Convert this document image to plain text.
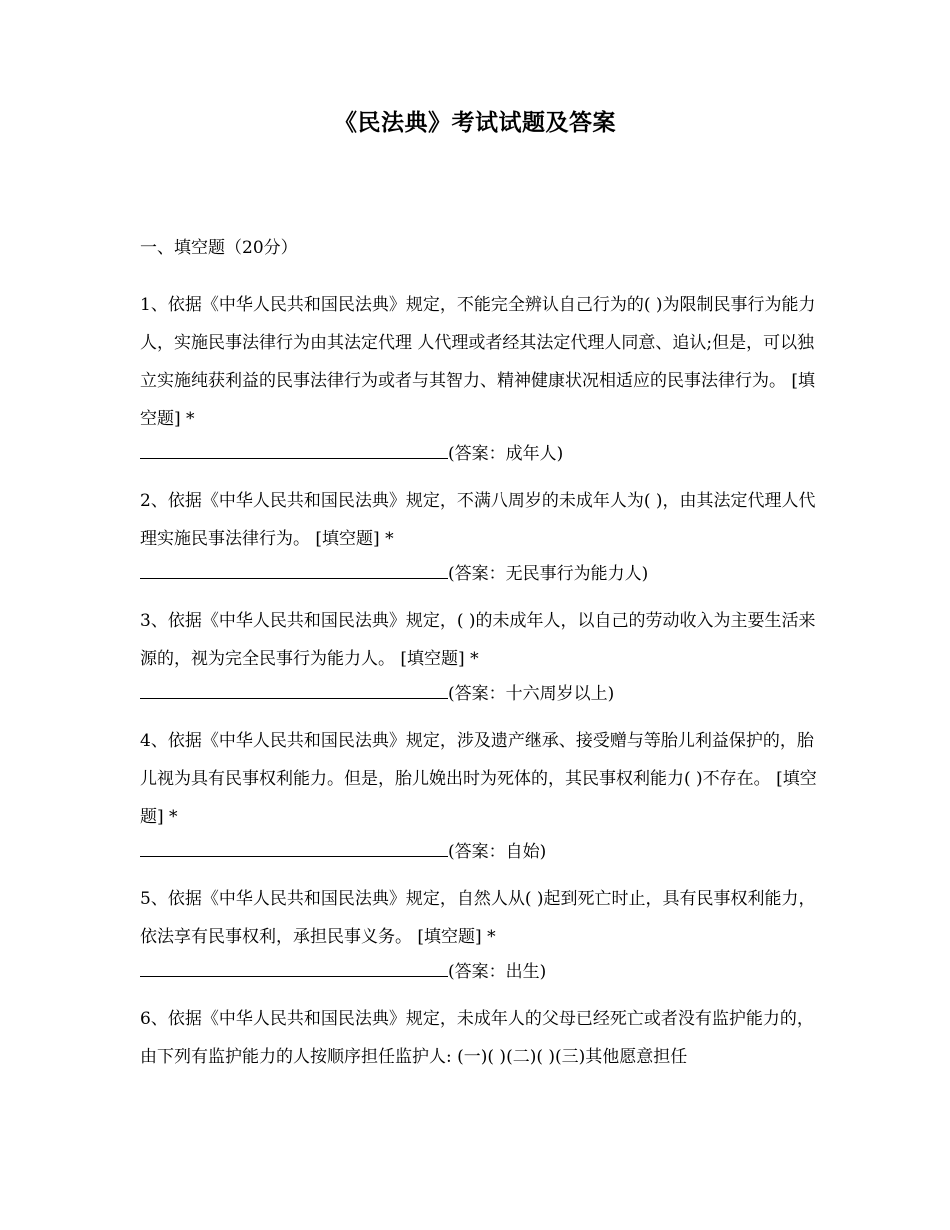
《民法典》考试试题及答案
一、填空题（20分）

1、依据《中华人民共和国民法典》规定，不能完全辨认自己行为的( )为限制民事行为能力人，实施民事法律行为由其法定代理 人代理或者经其法定代理人同意、追认;但是，可以独立实施纯获利益的民事法律行为或者与其智力、精神健康状况相适应的民事法律行为。 [填空题] *

(答案：成年人)

2、依据《中华人民共和国民法典》规定，不满八周岁的未成年人为( )，由其法定代理人代理实施民事法律行为。 [填空题] *

(答案：无民事行为能力人)

3、依据《中华人民共和国民法典》规定，( )的未成年人，以自己的劳动收入为主要生活来源的，视为完全民事行为能力人。 [填空题] *

(答案：十六周岁以上)

4、依据《中华人民共和国民法典》规定，涉及遗产继承、接受赠与等胎儿利益保护的，胎儿视为具有民事权利能力。但是，胎儿娩出时为死体的，其民事权利能力( )不存在。 [填空题] *

(答案：自始)

5、依据《中华人民共和国民法典》规定，自然人从( )起到死亡时止，具有民事权利能力，依法享有民事权利，承担民事义务。 [填空题] *

(答案：出生)

6、依据《中华人民共和国民法典》规定，未成年人的父母已经死亡或者没有监护能力的，由下列有监护能力的人按顺序担任监护人: (一)( )(二)( )(三)其他愿意担任
